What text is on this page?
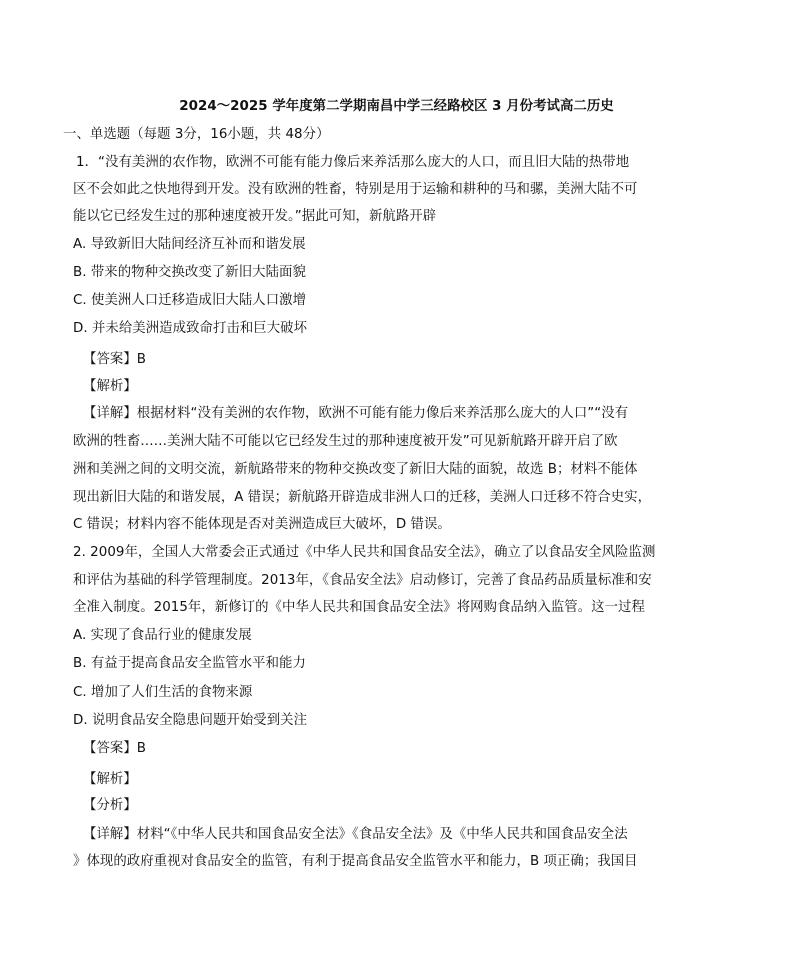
2024～2025 学年度第二学期南昌中学三经路校区 3 月份考试高二历史
一、单选题（每题 3分，16小题，共 48分）
1．“没有美洲的农作物，欧洲不可能有能力像后来养活那么庞大的人口，而且旧大陆的热带地
区不会如此之快地得到开发。没有欧洲的牲畜，特别是用于运输和耕种的马和骡，美洲大陆不可
能以它已经发生过的那种速度被开发。”据此可知，新航路开辟
A. 导致新旧大陆间经济互补而和谐发展
B. 带来的物种交换改变了新旧大陆面貌
C. 使美洲人口迁移造成旧大陆人口激增
D. 并未给美洲造成致命打击和巨大破坏
【答案】B
【解析】
【详解】根据材料“没有美洲的农作物，欧洲不可能有能力像后来养活那么庞大的人口”“没有
欧洲的牲畜……美洲大陆不可能以它已经发生过的那种速度被开发”可见新航路开辟开启了欧
洲和美洲之间的文明交流，新航路带来的物种交换改变了新旧大陆的面貌，故选 B；材料不能体
现出新旧大陆的和谐发展，A 错误；新航路开辟造成非洲人口的迁移，美洲人口迁移不符合史实，
C 错误；材料内容不能体现是否对美洲造成巨大破坏，D 错误。
2. 2009年，全国人大常委会正式通过《中华人民共和国食品安全法》，确立了以食品安全风险监测
和评估为基础的科学管理制度。2013年，《食品安全法》启动修订，完善了食品药品质量标准和安
全准入制度。2015年，新修订的《中华人民共和国食品安全法》将网购食品纳入监管。这一过程
A. 实现了食品行业的健康发展
B. 有益于提高食品安全监管水平和能力
C. 增加了人们生活的食物来源
D. 说明食品安全隐患问题开始受到关注
【答案】B
【解析】
【分析】
【详解】材料“《中华人民共和国食品安全法》《食品安全法》及《中华人民共和国食品安全法
》体现的政府重视对食品安全的监管，有利于提高食品安全监管水平和能力，B 项正确；我国目
